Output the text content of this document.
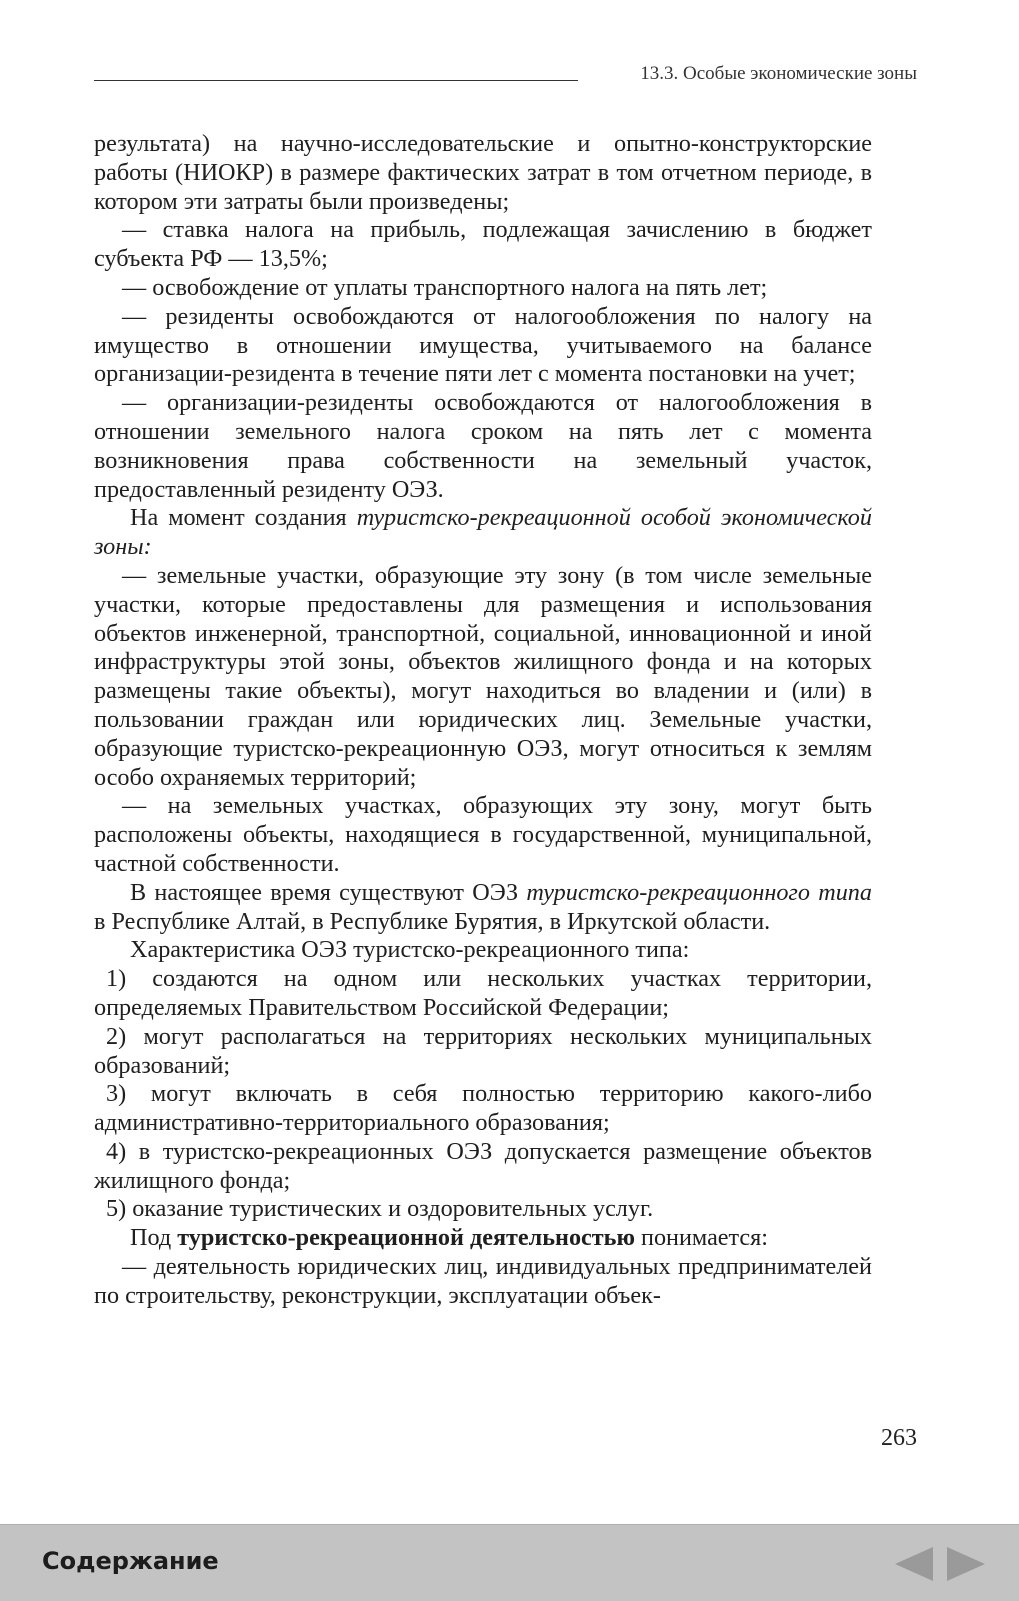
13.3. Особые экономические зоны

результата) на научно-исследовательские и опытно-конструкторские работы (НИОКР) в размере фактических затрат в том отчетном периоде, в котором эти затраты были произведены;

— ставка налога на прибыль, подлежащая зачислению в бюджет субъекта РФ — 13,5%;

— освобождение от уплаты транспортного налога на пять лет;

— резиденты освобождаются от налогообложения по налогу на имущество в отношении имущества, учитываемого на балансе организации-резидента в течение пяти лет с момента постановки на учет;

— организации-резиденты освобождаются от налогообложения в отношении земельного налога сроком на пять лет с момента возникновения права собственности на земельный участок, предоставленный резиденту ОЭЗ.

На момент создания туристско-рекреационной особой экономической зоны:

— земельные участки, образующие эту зону (в том числе земельные участки, которые предоставлены для размещения и использования объектов инженерной, транспортной, социальной, инновационной и иной инфраструктуры этой зоны, объектов жилищного фонда и на которых размещены такие объекты), могут находиться во владении и (или) в пользовании граждан или юридических лиц. Земельные участки, образующие туристско-рекреационную ОЭЗ, могут относиться к землям особо охраняемых территорий;

— на земельных участках, образующих эту зону, могут быть расположены объекты, находящиеся в государственной, муниципальной, частной собственности.

В настоящее время существуют ОЭЗ туристско-рекреационного типа в Республике Алтай, в Республике Бурятия, в Иркутской области.

Характеристика ОЭЗ туристско-рекреационного типа:

1) создаются на одном или нескольких участках территории, определяемых Правительством Российской Федерации;

2) могут располагаться на территориях нескольких муниципальных образований;

3) могут включать в себя полностью территорию какого-либо административно-территориального образования;

4) в туристско-рекреационных ОЭЗ допускается размещение объектов жилищного фонда;

5) оказание туристических и оздоровительных услуг.

Под туристско-рекреационной деятельностью понимается:

— деятельность юридических лиц, индивидуальных предпринимателей по строительству, реконструкции, эксплуатации объек-

263
Содержание
